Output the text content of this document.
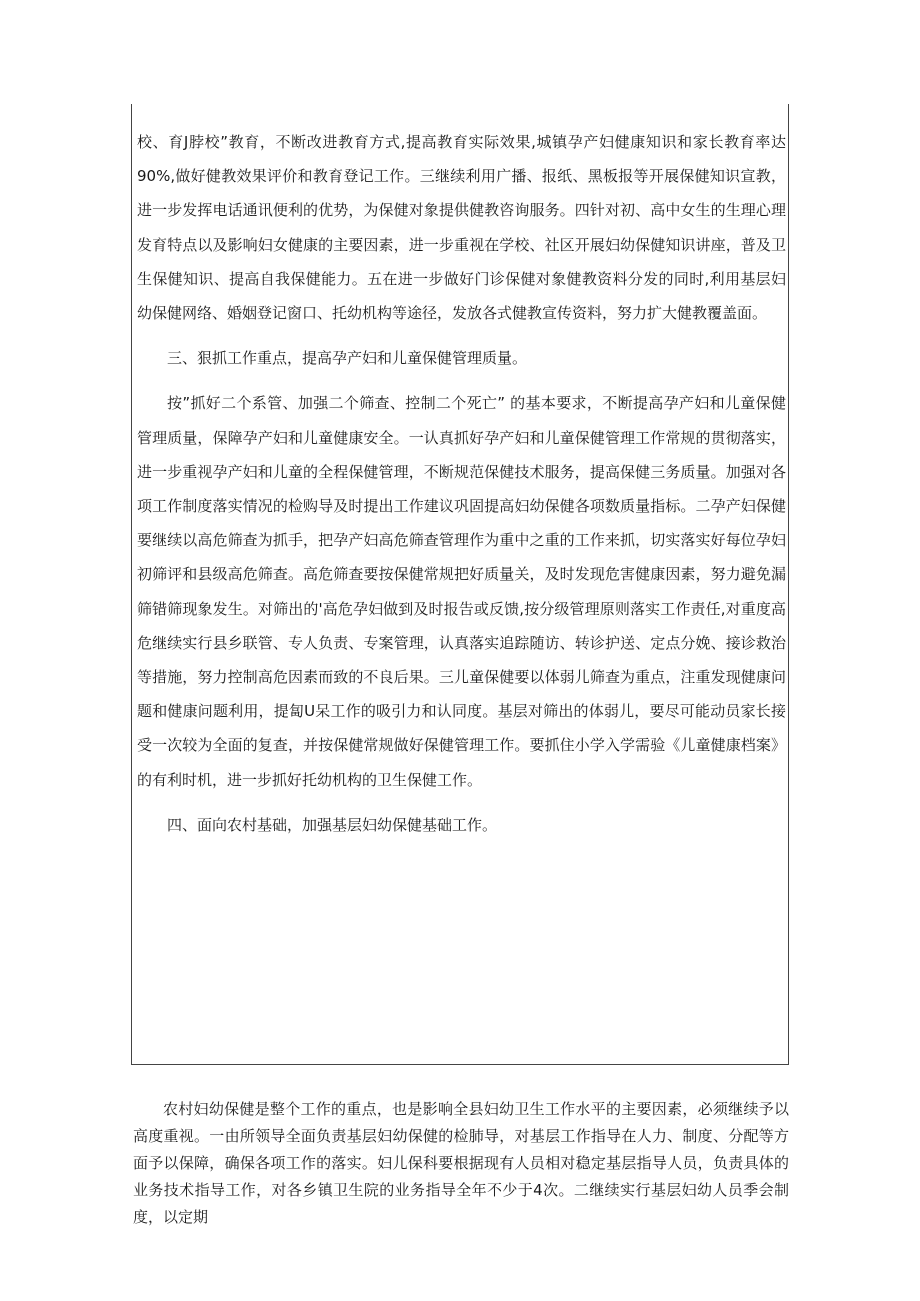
校、育J脖校”教育，不断改进教育方式,提高教育实际效果,城镇孕产妇健康知识和家长教育率达90%,做好健教效果评价和教育登记工作。三继续利用广播、报纸、黑板报等开展保健知识宣教，进一步发挥电话通讯便利的优势，为保健对象提供健教咨询服务。四针对初、高中女生的生理心理发育特点以及影响妇女健康的主要因素，进一步重视在学校、社区开展妇幼保健知识讲座，普及卫生保健知识、提高自我保健能力。五在进一步做好门诊保健对象健教资料分发的同时,利用基层妇幼保健网络、婚姻登记窗口、托幼机构等途径，发放各式健教宣传资料，努力扩大健教覆盖面。

三、狠抓工作重点，提高孕产妇和儿童保健管理质量。

按”抓好二个系管、加强二个筛查、控制二个死亡” 的基本要求，不断提高孕产妇和儿童保健管理质量，保障孕产妇和儿童健康安全。一认真抓好孕产妇和儿童保健管理工作常规的贯彻落实，进一步重视孕产妇和儿童的全程保健管理，不断规范保健技术服务，提高保健三务质量。加强对各项工作制度落实情况的检购导及时提出工作建议巩固提高妇幼保健各项数质量指标。二孕产妇保健要继续以高危筛查为抓手，把孕产妇高危筛查管理作为重中之重的工作来抓，切实落实好每位孕妇初筛评和县级高危筛查。高危筛查要按保健常规把好质量关，及时发现危害健康因素，努力避免漏筛错筛现象发生。对筛出的'高危孕妇做到及时报告或反馈,按分级管理原则落实工作责任,对重度高危继续实行县乡联管、专人负责、专案管理，认真落实追踪随访、转诊护送、定点分娩、接诊救治等措施，努力控制高危因素而致的不良后果。三儿童保健要以体弱儿筛查为重点，注重发现健康问题和健康问题利用，提匐U呆工作的吸引力和认同度。基层对筛出的体弱儿，要尽可能动员家长接受一次较为全面的复查，并按保健常规做好保健管理工作。要抓住小学入学需验《儿童健康档案》的有利时机，进一步抓好托幼机构的卫生保健工作。

四、面向农村基础，加强基层妇幼保健基础工作。

农村妇幼保健是整个工作的重点，也是影响全县妇幼卫生工作水平的主要因素，必须继续予以高度重视。一由所领导全面负责基层妇幼保健的检肺导，对基层工作指导在人力、制度、分配等方面予以保障，确保各项工作的落实。妇儿保科要根据现有人员相对稳定基层指导人员，负责具体的业务技术指导工作，对各乡镇卫生院的业务指导全年不少于4次。二继续实行基层妇幼人员季会制度，以定期
